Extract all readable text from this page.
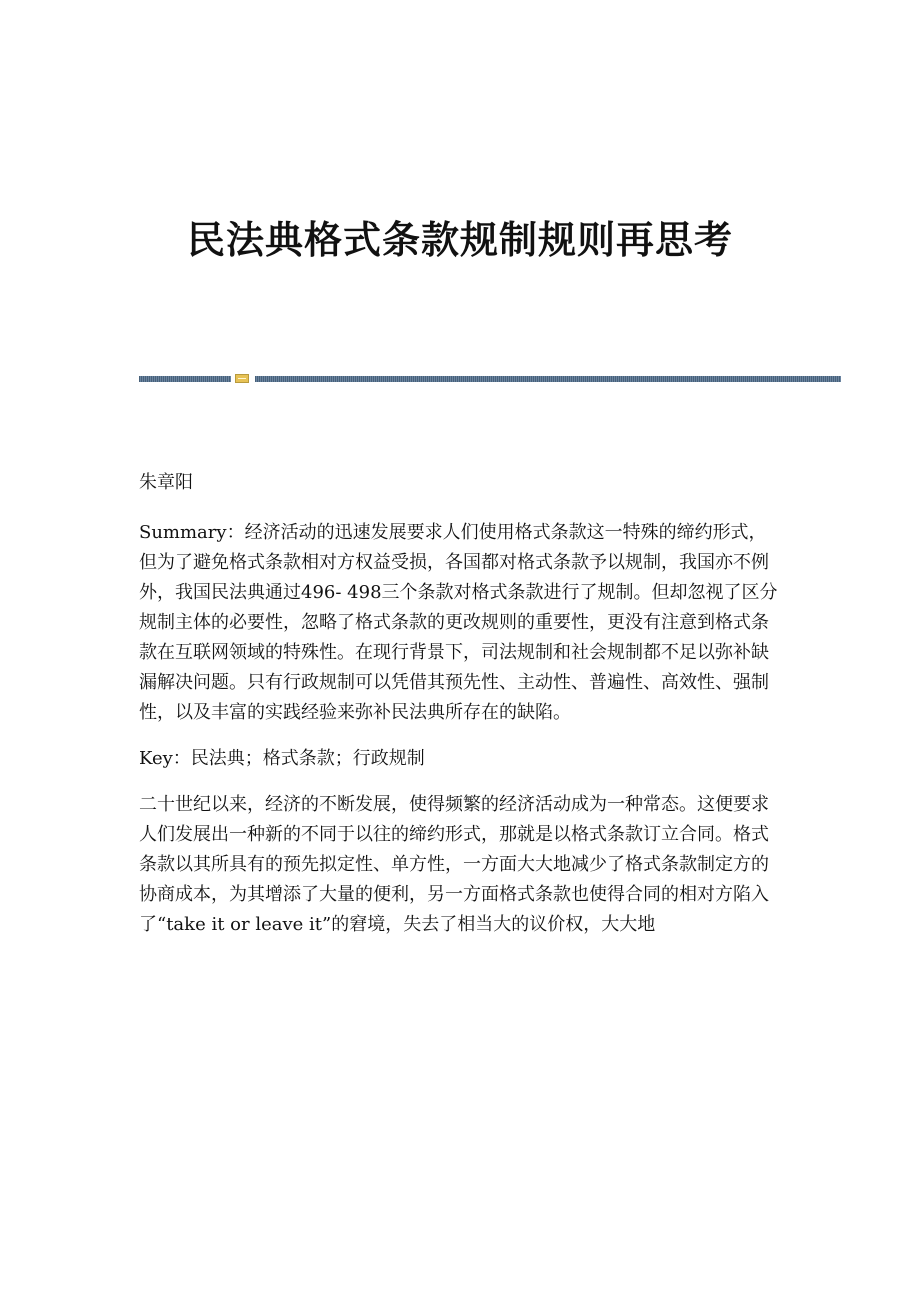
民法典格式条款规制规则再思考

朱章阳

Summary：经济活动的迅速发展要求人们使用格式条款这一特殊的缔约形式，但为了避免格式条款相对方权益受损，各国都对格式条款予以规制，我国亦不例外，我国民法典通过496- 498三个条款对格式条款进行了规制。但却忽视了区分规制主体的必要性，忽略了格式条款的更改规则的重要性，更没有注意到格式条款在互联网领域的特殊性。在现行背景下，司法规制和社会规制都不足以弥补缺漏解决问题。只有行政规制可以凭借其预先性、主动性、普遍性、高效性、强制性，以及丰富的实践经验来弥补民法典所存在的缺陷。

Key：民法典；格式条款；行政规制

二十世纪以来，经济的不断发展，使得频繁的经济活动成为一种常态。这便要求人们发展出一种新的不同于以往的缔约形式，那就是以格式条款订立合同。格式条款以其所具有的预先拟定性、单方性，一方面大大地减少了格式条款制定方的协商成本，为其增添了大量的便利，另一方面格式条款也使得合同的相对方陷入了“take it or leave it”的窘境，失去了相当大的议价权，大大地
